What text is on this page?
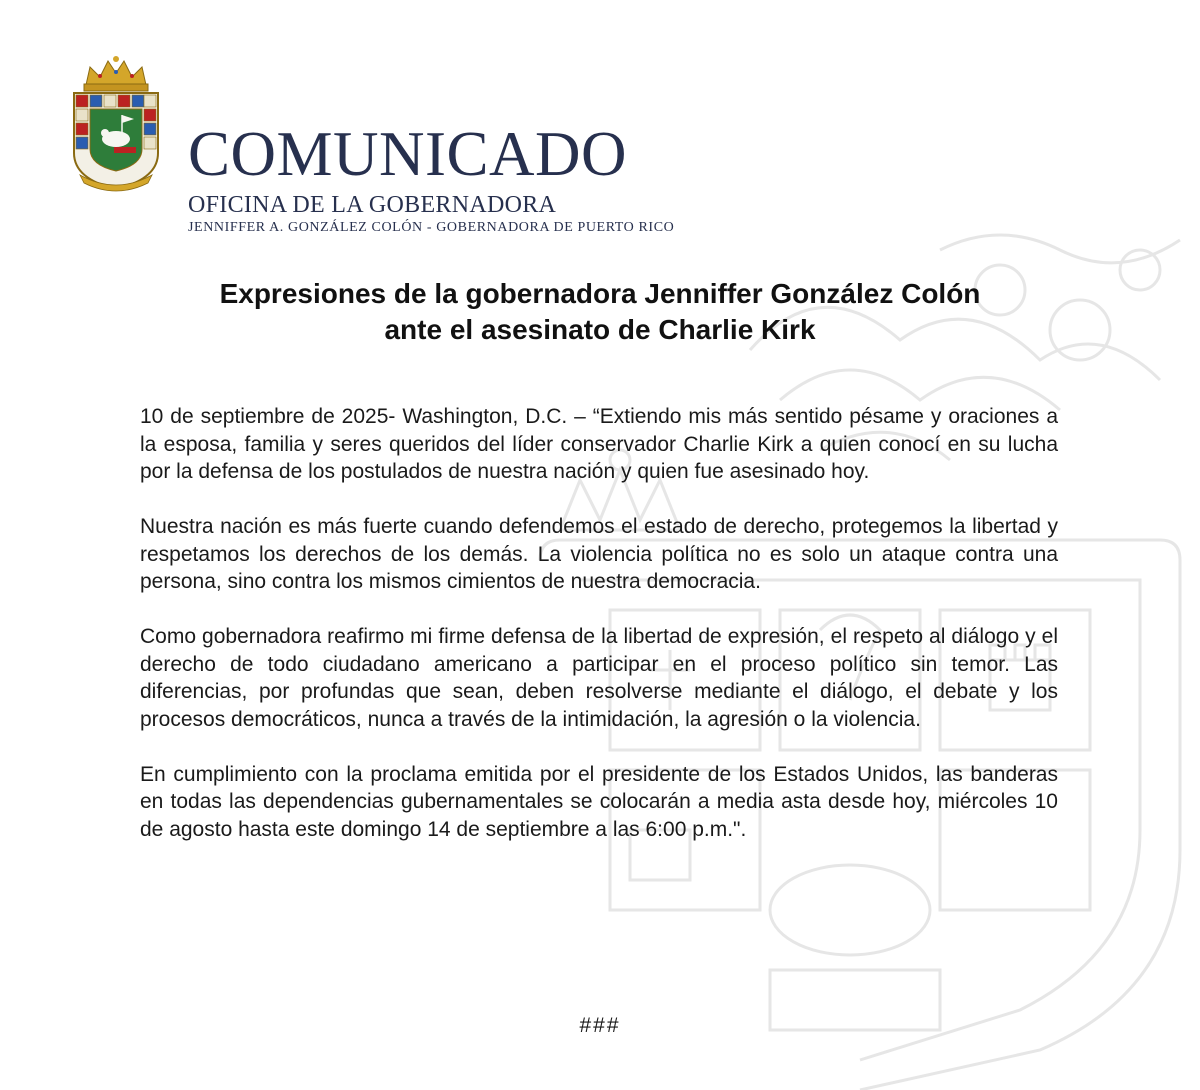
COMUNICADO
OFICINA DE LA GOBERNADORA
JENNIFFER A. GONZÁLEZ COLÓN - GOBERNADORA DE PUERTO RICO
Expresiones de la gobernadora Jenniffer González Colón
ante el asesinato de Charlie Kirk

10 de septiembre de 2025- Washington, D.C. – “Extiendo mis más sentido pésame y oraciones a la esposa, familia y seres queridos del líder conservador Charlie Kirk a quien conocí en su lucha por la defensa de los postulados de nuestra nación y quien fue asesinado hoy.

Nuestra nación es más fuerte cuando defendemos el estado de derecho, protegemos la libertad y respetamos los derechos de los demás. La violencia política no es solo un ataque contra una persona, sino contra los mismos cimientos de nuestra democracia.

Como gobernadora reafirmo mi firme defensa de la libertad de expresión, el respeto al diálogo y el derecho de todo ciudadano americano a participar en el proceso político sin temor. Las diferencias, por profundas que sean, deben resolverse mediante el diálogo, el debate y los procesos democráticos, nunca a través de la intimidación, la agresión o la violencia.

En cumplimiento con la proclama emitida por el presidente de los Estados Unidos, las banderas en todas las dependencias gubernamentales se colocarán a media asta desde hoy, miércoles 10 de agosto hasta este domingo 14 de septiembre a las 6:00 p.m.".

###
